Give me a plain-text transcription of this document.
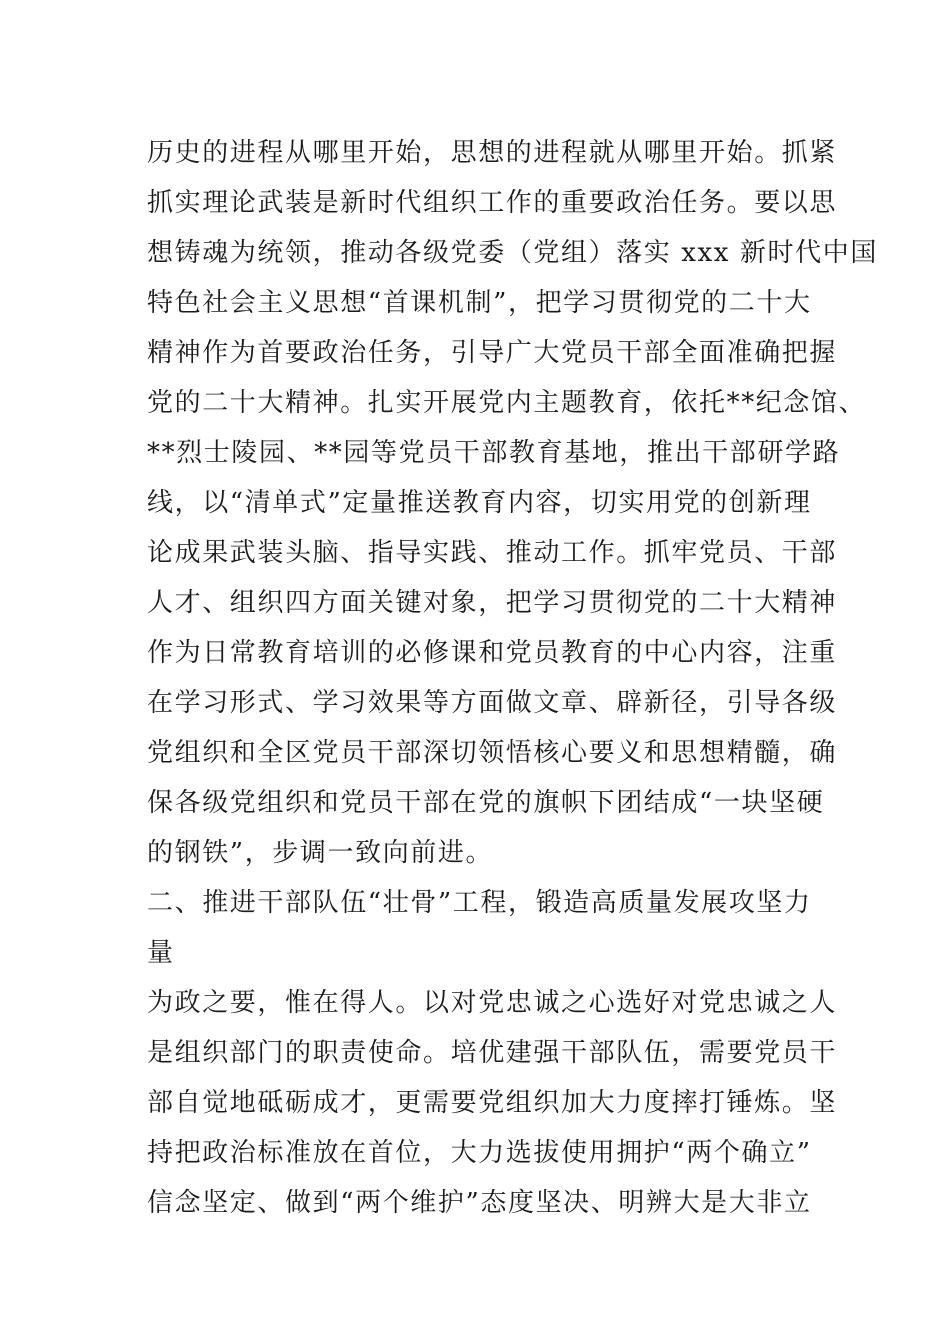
历史的进程从哪里开始，思想的进程就从哪里开始。抓紧
抓实理论武装是新时代组织工作的重要政治任务。要以思
想铸魂为统领，推动各级党委（党组）落实 xxx 新时代中国
特色社会主义思想“首课机制”，把学习贯彻党的二十大
精神作为首要政治任务，引导广大党员干部全面准确把握
党的二十大精神。扎实开展党内主题教育，依托**纪念馆、
**烈士陵园、**园等党员干部教育基地，推出干部研学路
线，以“清单式”定量推送教育内容，切实用党的创新理
论成果武装头脑、指导实践、推动工作。抓牢党员、干部
人才、组织四方面关键对象，把学习贯彻党的二十大精神
作为日常教育培训的必修课和党员教育的中心内容，注重
在学习形式、学习效果等方面做文章、辟新径，引导各级
党组织和全区党员干部深切领悟核心要义和思想精髓，确
保各级党组织和党员干部在党的旗帜下团结成“一块坚硬
的钢铁”，步调一致向前进。
二、推进干部队伍“壮骨”工程，锻造高质量发展攻坚力
量
为政之要，惟在得人。以对党忠诚之心选好对党忠诚之人
是组织部门的职责使命。培优建强干部队伍，需要党员干
部自觉地砥砺成才，更需要党组织加大力度摔打锤炼。坚
持把政治标准放在首位，大力选拔使用拥护“两个确立”
信念坚定、做到“两个维护”态度坚决、明辨大是大非立
